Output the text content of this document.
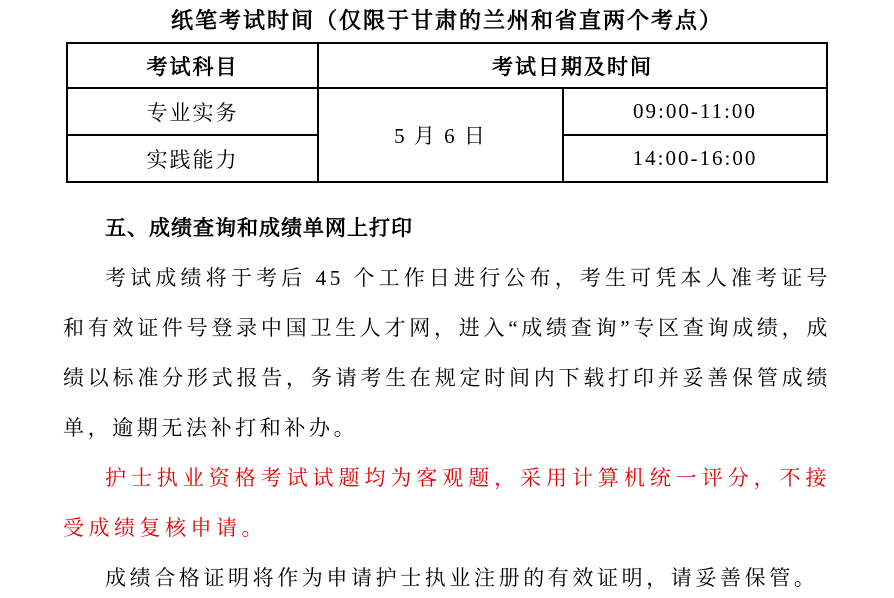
纸笔考试时间（仅限于甘肃的兰州和省直两个考点）
考试科目	考试日期及时间	
专业实务	5 月 6 日	09:00-11:00
实践能力		14:00-16:00

五、成绩查询和成绩单网上打印

考试成绩将于考后 45 个工作日进行公布，考生可凭本人准考证号和有效证件号登录中国卫生人才网，进入“成绩查询”专区查询成绩，成绩以标准分形式报告，务请考生在规定时间内下载打印并妥善保管成绩单，逾期无法补打和补办。

护士执业资格考试试题均为客观题，采用计算机统一评分，不接受成绩复核申请。

成绩合格证明将作为申请护士执业注册的有效证明，请妥善保管。
